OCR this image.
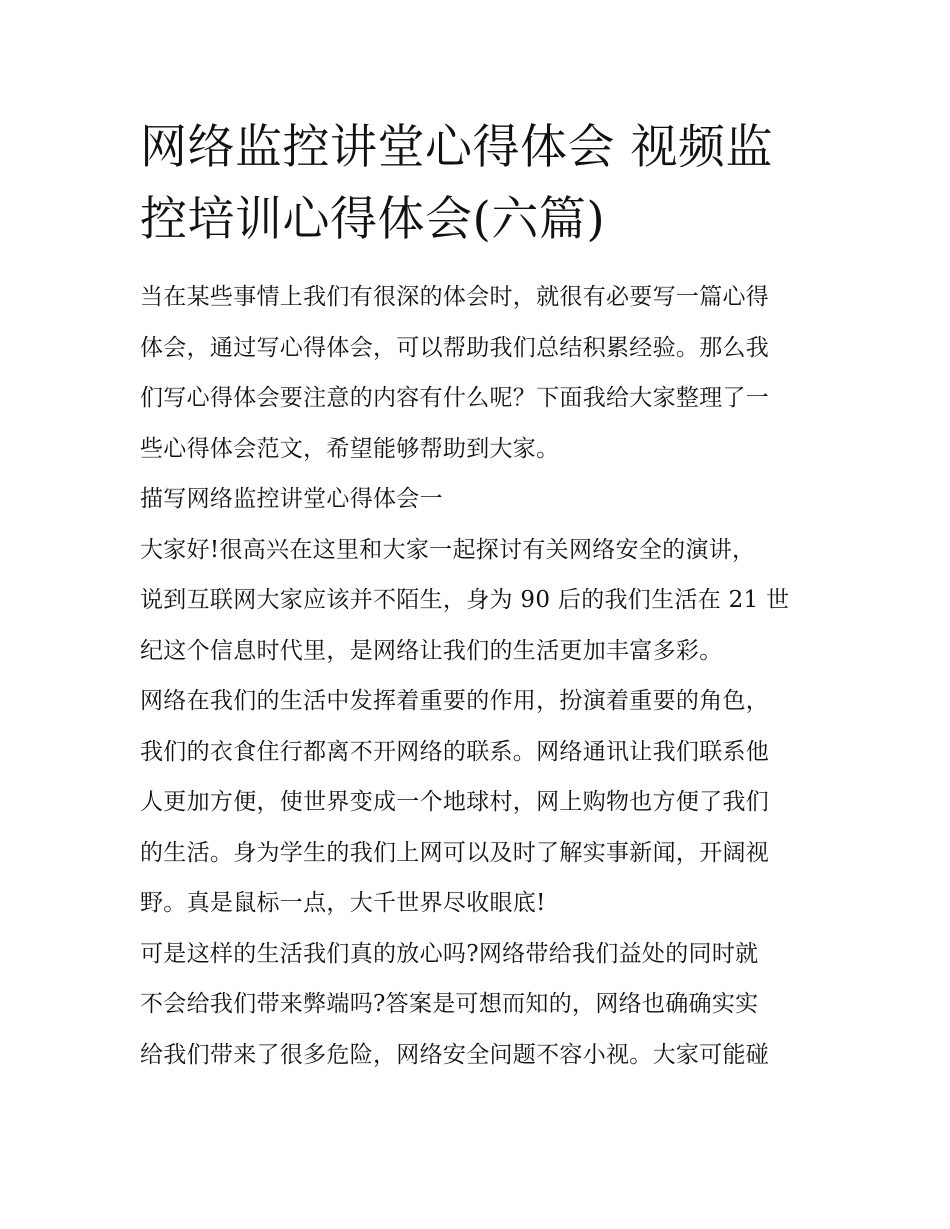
网络监控讲堂心得体会 视频监
控培训心得体会(六篇)
当在某些事情上我们有很深的体会时，就很有必要写一篇心得
体会，通过写心得体会，可以帮助我们总结积累经验。那么我
们写心得体会要注意的内容有什么呢？下面我给大家整理了一
些心得体会范文，希望能够帮助到大家。
描写网络监控讲堂心得体会一
大家好!很高兴在这里和大家一起探讨有关网络安全的演讲，
说到互联网大家应该并不陌生，身为 90 后的我们生活在 21 世
纪这个信息时代里，是网络让我们的生活更加丰富多彩。
网络在我们的生活中发挥着重要的作用，扮演着重要的角色，
我们的衣食住行都离不开网络的联系。网络通讯让我们联系他
人更加方便，使世界变成一个地球村，网上购物也方便了我们
的生活。身为学生的我们上网可以及时了解实事新闻，开阔视
野。真是鼠标一点，大千世界尽收眼底!
可是这样的生活我们真的放心吗?网络带给我们益处的同时就
不会给我们带来弊端吗?答案是可想而知的，网络也确确实实
给我们带来了很多危险，网络安全问题不容小视。大家可能碰
